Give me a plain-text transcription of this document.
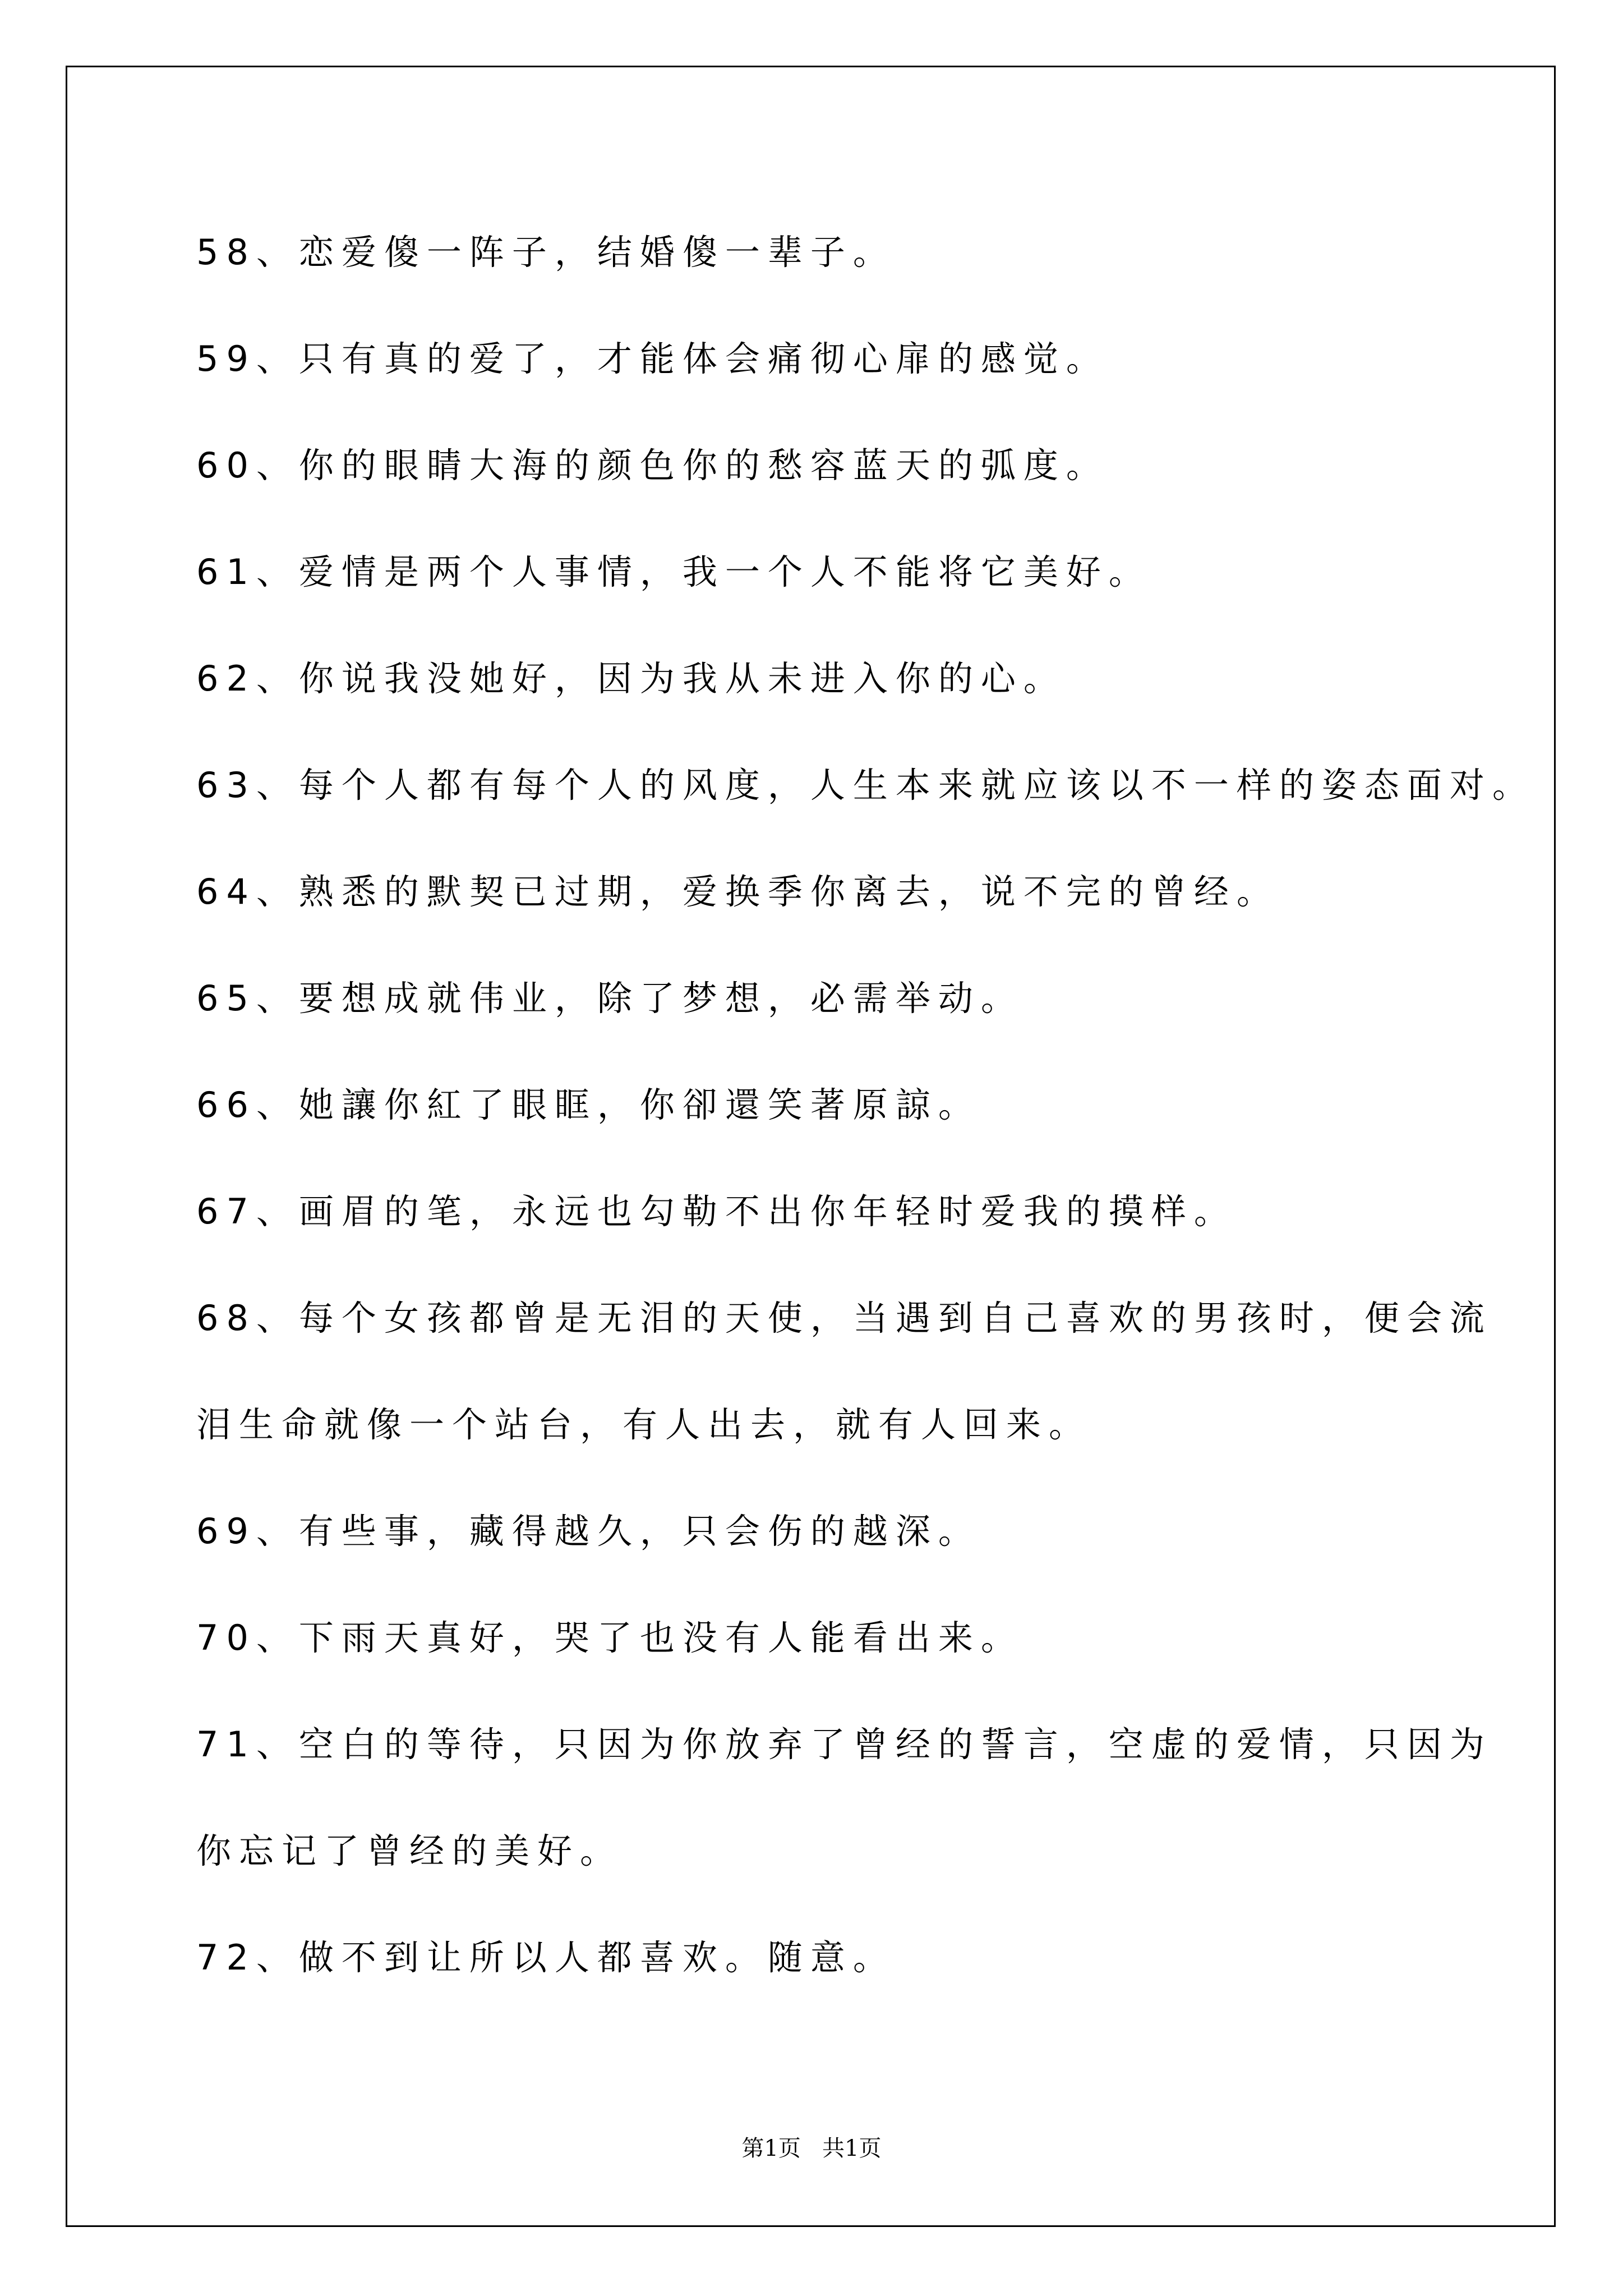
58、恋爱傻一阵子，结婚傻一辈子。
59、只有真的爱了，才能体会痛彻心扉的感觉。
60、你的眼睛大海的颜色你的愁容蓝天的弧度。
61、爱情是两个人事情，我一个人不能将它美好。
62、你说我没她好，因为我从未进入你的心。
63、每个人都有每个人的风度，人生本来就应该以不一样的姿态面对。
64、熟悉的默契已过期，爱换季你离去，说不完的曾经。
65、要想成就伟业，除了梦想，必需举动。
66、她讓你紅了眼眶，你卻還笑著原諒。
67、画眉的笔，永远也勾勒不出你年轻时爱我的摸样。
68、每个女孩都曾是无泪的天使，当遇到自己喜欢的男孩时，便会流
泪生命就像一个站台，有人出去，就有人回来。
69、有些事，藏得越久，只会伤的越深。
70、下雨天真好，哭了也没有人能看出来。
71、空白的等待，只因为你放弃了曾经的誓言，空虚的爱情，只因为
你忘记了曾经的美好。
72、做不到让所以人都喜欢。随意。
第1页   共1页
